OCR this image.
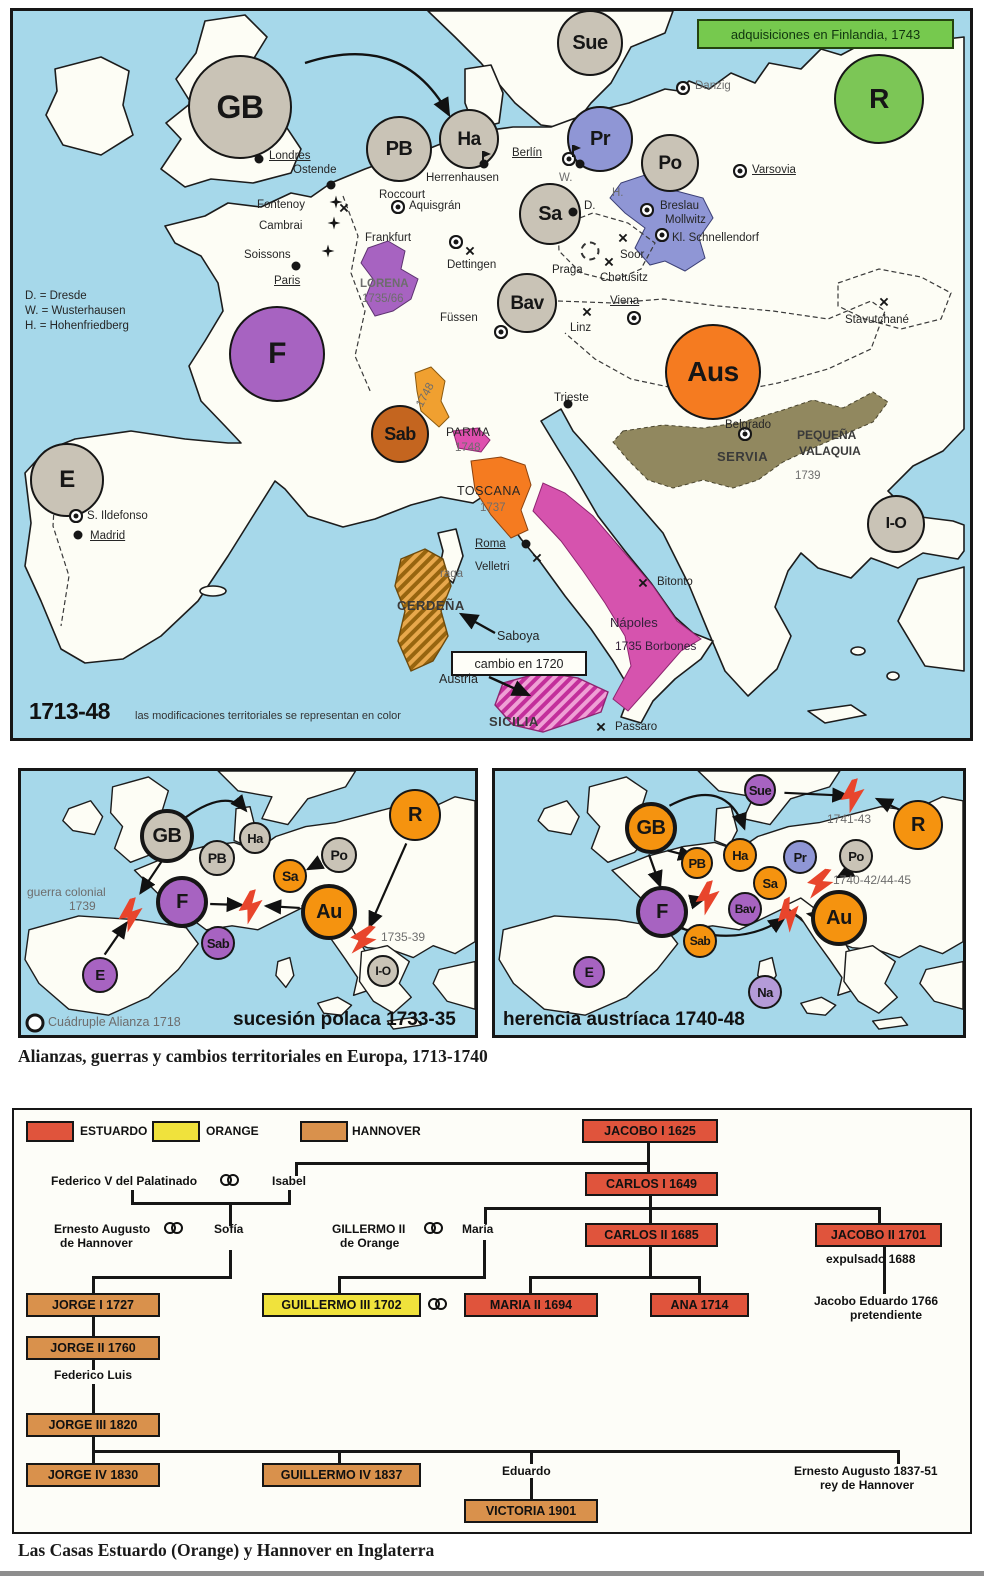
GB
Sue
PB Ha	Pr
Po
Sa
Bav
F
Aus
Sab
E
I-O
R
Londres
Ostende
Roccourt
×
Fontenoy
Cambrai
Soissons
Paris
Herrenhausen
Aquisgrán
Frankfurt
×
Dettingen
Berlín
W.
D.
H.
Breslau
Mollwitz
Kl. Schnellendorf
×
Soor
Praga
×
Chotusitz
Danzig
Varsovia
Viena
×
Linz
Füssen
Trieste
Belgrado
×
Stavutchané
S. Ildefonso
Madrid
Roma
Velletri
×
×
Bitonto
Nápoles
1735 Borbones
×
Passaro
SICILIA
CERDEÑA
raga
Saboya
cambio en 1720
Austria
LORENA
1735/66
1748
PARMA
1748
TOSCANA
1737
SERVIA
PEQUEÑA
VALAQUIA
1739
D. = Dresde
W. = Wusterhausen
H. = Hohenfriedberg
adquisiciones en Finlandia, 1743
1713-48 las modificaciones territoriales se representan en color
GB	Ha
PB	Po
Sa
R
F	Au
Sab
E	I-O
guerra colonial
1739
1735-39
Cuádruple Alianza 1718	sucesión polaca 1733-35
Sue
R
GB
PB
Ha	Pr	Po
Sa
Bav	Au
F
Sab
E
Na
1741-43
1740-42/44-45
herencia austríaca 1740-48
Alianzas, guerras y cambios territoriales en Europa, 1713-1740
ESTUARDO	ORANGE	HANNOVER	JACOBO I 1625
CARLOS I 1649
CARLOS II 1685	JACOBO II 1701
JORGE I 1727	GUILLERMO III 1702	MARIA II 1694	ANA 1714
JORGE II 1760
JORGE III 1820
JORGE IV 1830	GUILLERMO IV 1837
VICTORIA 1901
Federico V del Palatinado	Isabel
Ernesto Augusto
de Hannover
Sofía	GILLERMO II
de Orange
María
expulsado 1688
Jacobo Eduardo 1766
pretendiente
Federico Luis
Eduardo	Ernesto Augusto 1837-51
rey de Hannover
Las Casas Estuardo (Orange) y Hannover en Inglaterra
